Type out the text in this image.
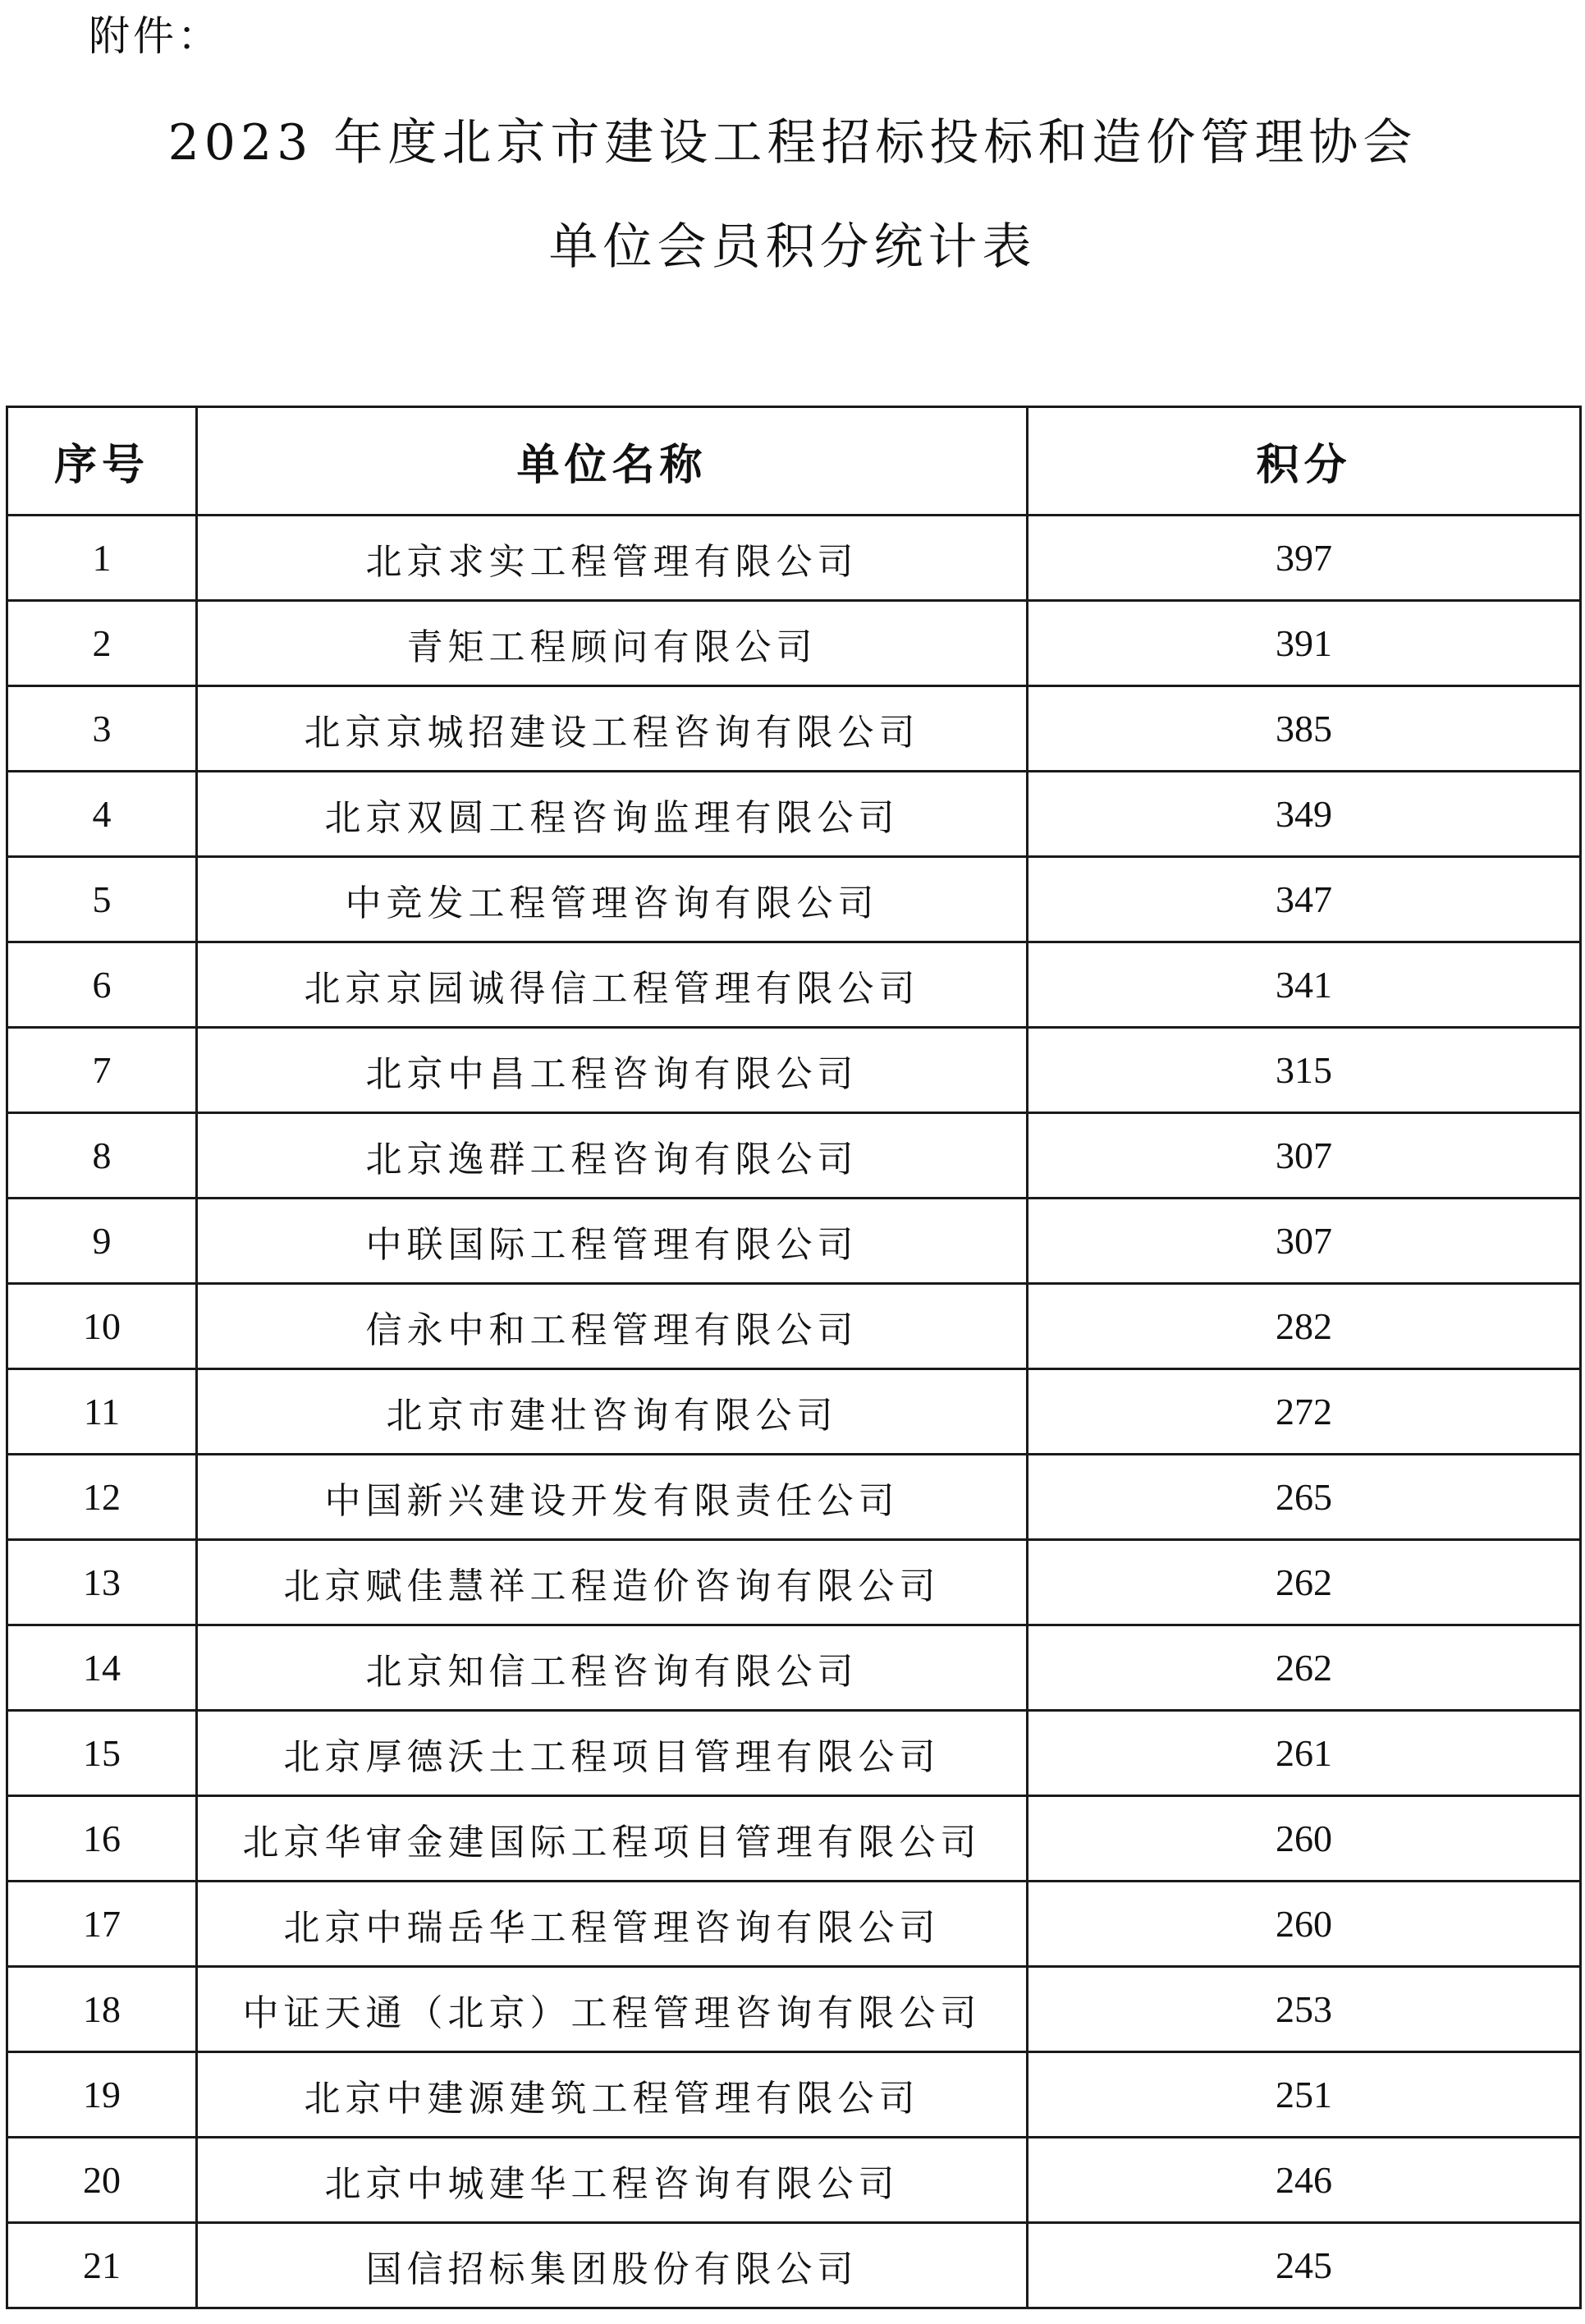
附件：
2023 年度北京市建设工程招标投标和造价管理协会
单位会员积分统计表
序号	单位名称	积分
1	北京求实工程管理有限公司	397
2	青矩工程顾问有限公司	391
3	北京京城招建设工程咨询有限公司	385
4	北京双圆工程咨询监理有限公司	349
5	中竞发工程管理咨询有限公司	347
6	北京京园诚得信工程管理有限公司	341
7	北京中昌工程咨询有限公司	315
8	北京逸群工程咨询有限公司	307
9	中联国际工程管理有限公司	307
10	信永中和工程管理有限公司	282
11	北京市建壮咨询有限公司	272
12	中国新兴建设开发有限责任公司	265
13	北京赋佳慧祥工程造价咨询有限公司	262
14	北京知信工程咨询有限公司	262
15	北京厚德沃土工程项目管理有限公司	261
16	北京华审金建国际工程项目管理有限公司	260
17	北京中瑞岳华工程管理咨询有限公司	260
18	中证天通（北京）工程管理咨询有限公司	253
19	北京中建源建筑工程管理有限公司	251
20	北京中城建华工程咨询有限公司	246
21	国信招标集团股份有限公司	245
